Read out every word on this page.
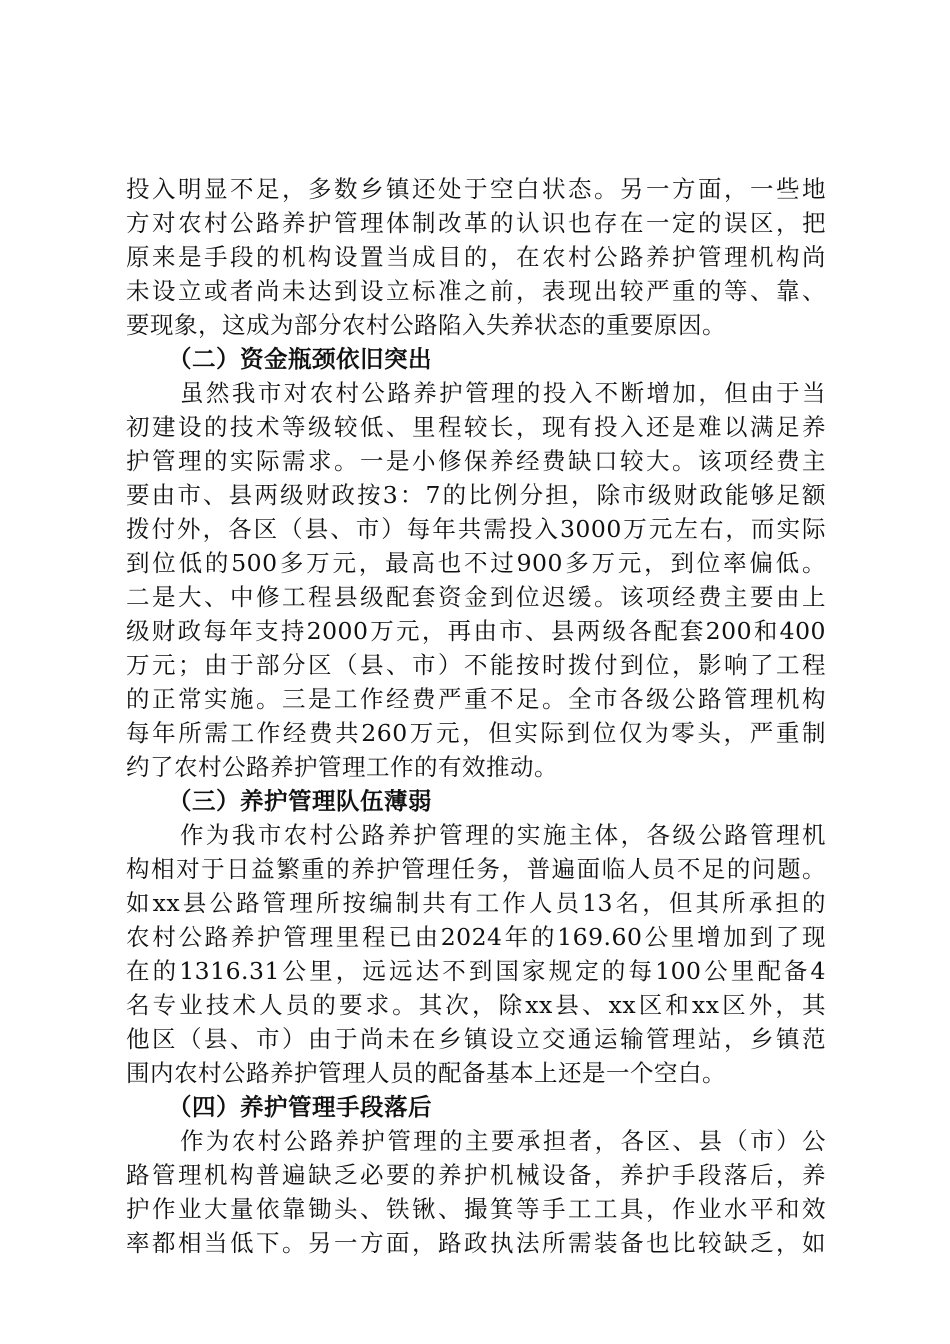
投入明显不足，多数乡镇还处于空白状态。另一方面，一些地
方对农村公路养护管理体制改革的认识也存在一定的误区，把
原来是手段的机构设置当成目的，在农村公路养护管理机构尚
未设立或者尚未达到设立标准之前，表现出较严重的等、靠、
要现象，这成为部分农村公路陷入失养状态的重要原因。
（二）资金瓶颈依旧突出
虽然我市对农村公路养护管理的投入不断增加，但由于当
初建设的技术等级较低、里程较长，现有投入还是难以满足养
护管理的实际需求。一是小修保养经费缺口较大。该项经费主
要由市、县两级财政按3：7的比例分担，除市级财政能够足额
拨付外，各区（县、市）每年共需投入3000万元左右，而实际
到位低的500多万元，最高也不过900多万元，到位率偏低。
二是大、中修工程县级配套资金到位迟缓。该项经费主要由上
级财政每年支持2000万元，再由市、县两级各配套200和400
万元；由于部分区（县、市）不能按时拨付到位，影响了工程
的正常实施。三是工作经费严重不足。全市各级公路管理机构
每年所需工作经费共260万元，但实际到位仅为零头，严重制
约了农村公路养护管理工作的有效推动。
（三）养护管理队伍薄弱
作为我市农村公路养护管理的实施主体，各级公路管理机
构相对于日益繁重的养护管理任务，普遍面临人员不足的问题。
如xx县公路管理所按编制共有工作人员13名，但其所承担的
农村公路养护管理里程已由2024年的169.60公里增加到了现
在的1316.31公里，远远达不到国家规定的每100公里配备4
名专业技术人员的要求。其次，除xx县、xx区和xx区外，其
他区（县、市）由于尚未在乡镇设立交通运输管理站，乡镇范
围内农村公路养护管理人员的配备基本上还是一个空白。
（四）养护管理手段落后
作为农村公路养护管理的主要承担者，各区、县（市）公
路管理机构普遍缺乏必要的养护机械设备，养护手段落后，养
护作业大量依靠锄头、铁锹、撮箕等手工工具，作业水平和效
率都相当低下。另一方面，路政执法所需装备也比较缺乏，如
